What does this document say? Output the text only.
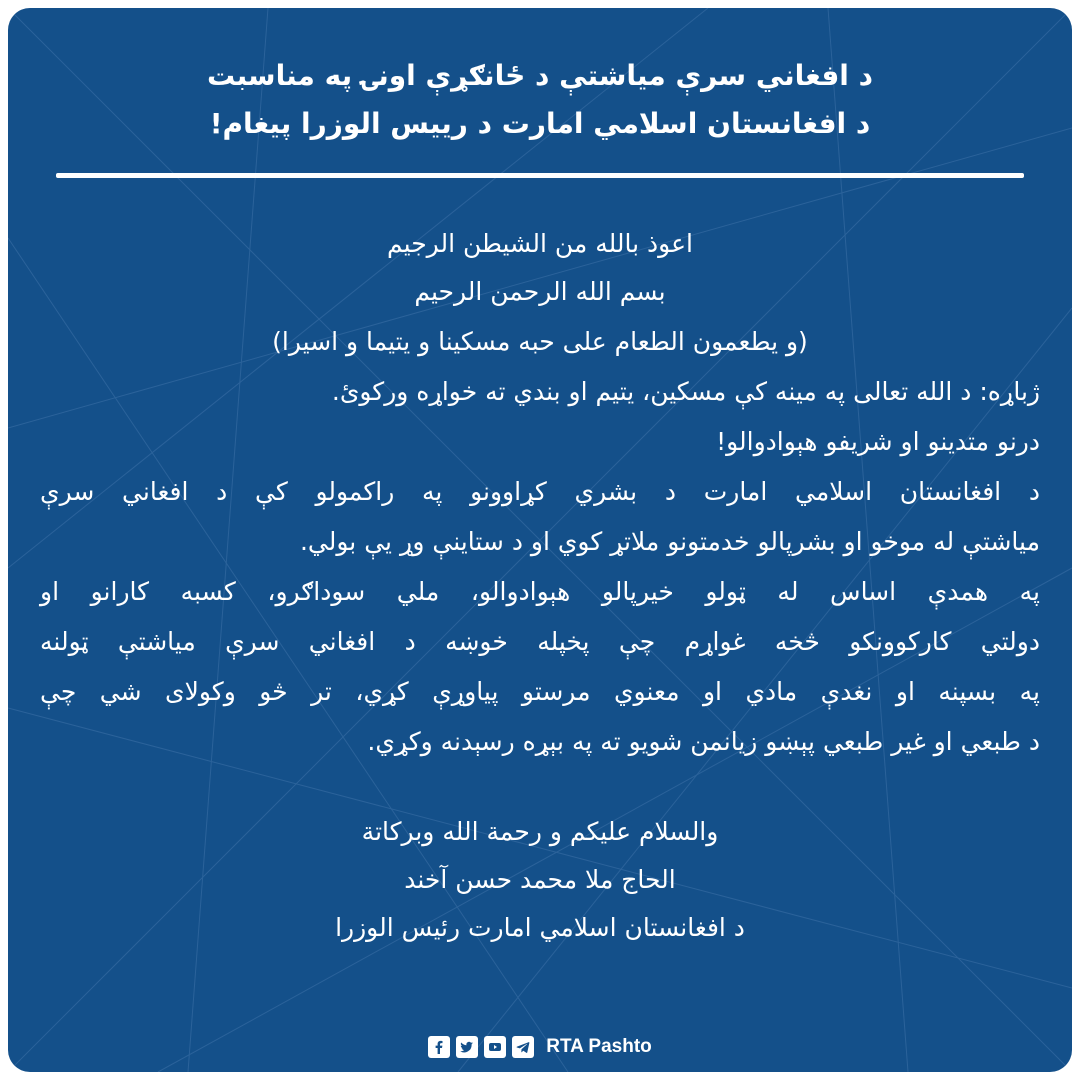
د افغاني سرې مياشتې د ځانګړې اونۍ په مناسبت
د افغانستان اسلامي امارت د رييس الوزرا پيغام!
اعوذ بالله من الشيطن الرجيم
بسم الله الرحمن الرحيم
(و يطعمون الطعام على حبه مسكينا و يتيما و اسيرا)
ژباړه: د الله تعالی په مينه کې مسکين، يتيم او بندي ته خواړه ورکوئ.
درنو متدينو او شريفو هېوادوالو!
د افغانستان اسلامي امارت د بشري کړاوونو په راکمولو کې د افغاني سرې
مياشتې له موخو او بشرپالو خدمتونو ملاتړ کوي او د ستاينې وړ يې بولي.
په همدې اساس له ټولو خيرپالو هېوادوالو، ملي سوداګرو، کسبه کارانو او
دولتي کارکوونکو څخه غواړم چې پخپله خوښه د افغاني سرې مياشتې ټولنه
په بسپنه او نغدې مادي او معنوي مرستو پياوړې کړي، تر څو وکولای شي چې
د طبعي او غير طبعي پېښو زيانمن شويو ته په بېړه رسېدنه وکړي.
والسلام عليكم و رحمة الله وبركاتة
الحاج ملا محمد حسن آخند
د افغانستان اسلامي امارت رئيس الوزرا
RTA Pashto
